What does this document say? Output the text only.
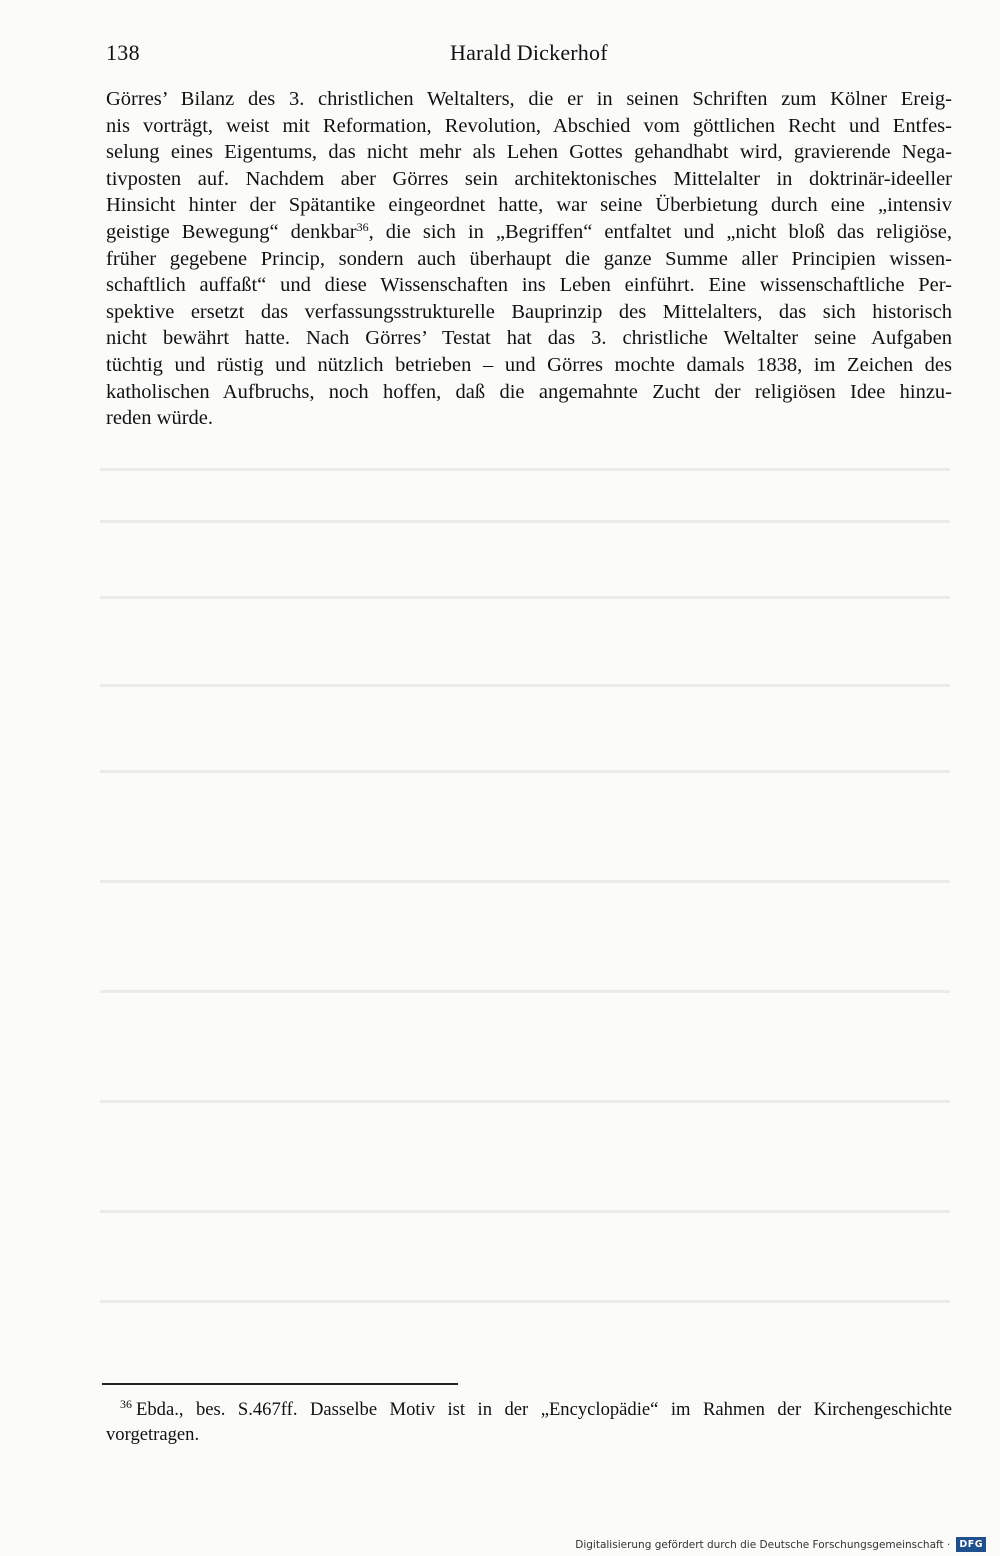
138	Harald Dickerhof
Görres’ Bilanz des 3. christlichen Weltalters, die er in seinen Schriften zum Kölner Ereig-
nis vorträgt, weist mit Reformation, Revolution, Abschied vom göttlichen Recht und Entfes-
selung eines Eigentums, das nicht mehr als Lehen Gottes gehandhabt wird, gravierende Nega-
tivposten auf. Nachdem aber Görres sein architektonisches Mittelalter in doktrinär-ideeller
Hinsicht hinter der Spätantike eingeordnet hatte, war seine Überbietung durch eine „intensiv
geistige Bewegung“ denkbar$^{36}$, die sich in „Begriffen“ entfaltet und „nicht bloß das religiöse,
früher gegebene Princip, sondern auch überhaupt die ganze Summe aller Principien wissen-
schaftlich auffaßt“ und diese Wissenschaften ins Leben einführt. Eine wissenschaftliche Per-
spektive ersetzt das verfassungsstrukturelle Bauprinzip des Mittelalters, das sich historisch
nicht bewährt hatte. Nach Görres’ Testat hat das 3. christliche Weltalter seine Aufgaben
tüchtig und rüstig und nützlich betrieben – und Görres mochte damals 1838, im Zeichen des
katholischen Aufbruchs, noch hoffen, daß die angemahnte Zucht der religiösen Idee hinzu-
reden würde.
$^{36}$ Ebda., bes. S.467ff. Dasselbe Motiv ist in der „Encyclopädie“ im Rahmen der Kirchengeschichte
vorgetragen.
Digitalisierung gefördert durch die Deutsche Forschungsgemeinschaft · DFG
